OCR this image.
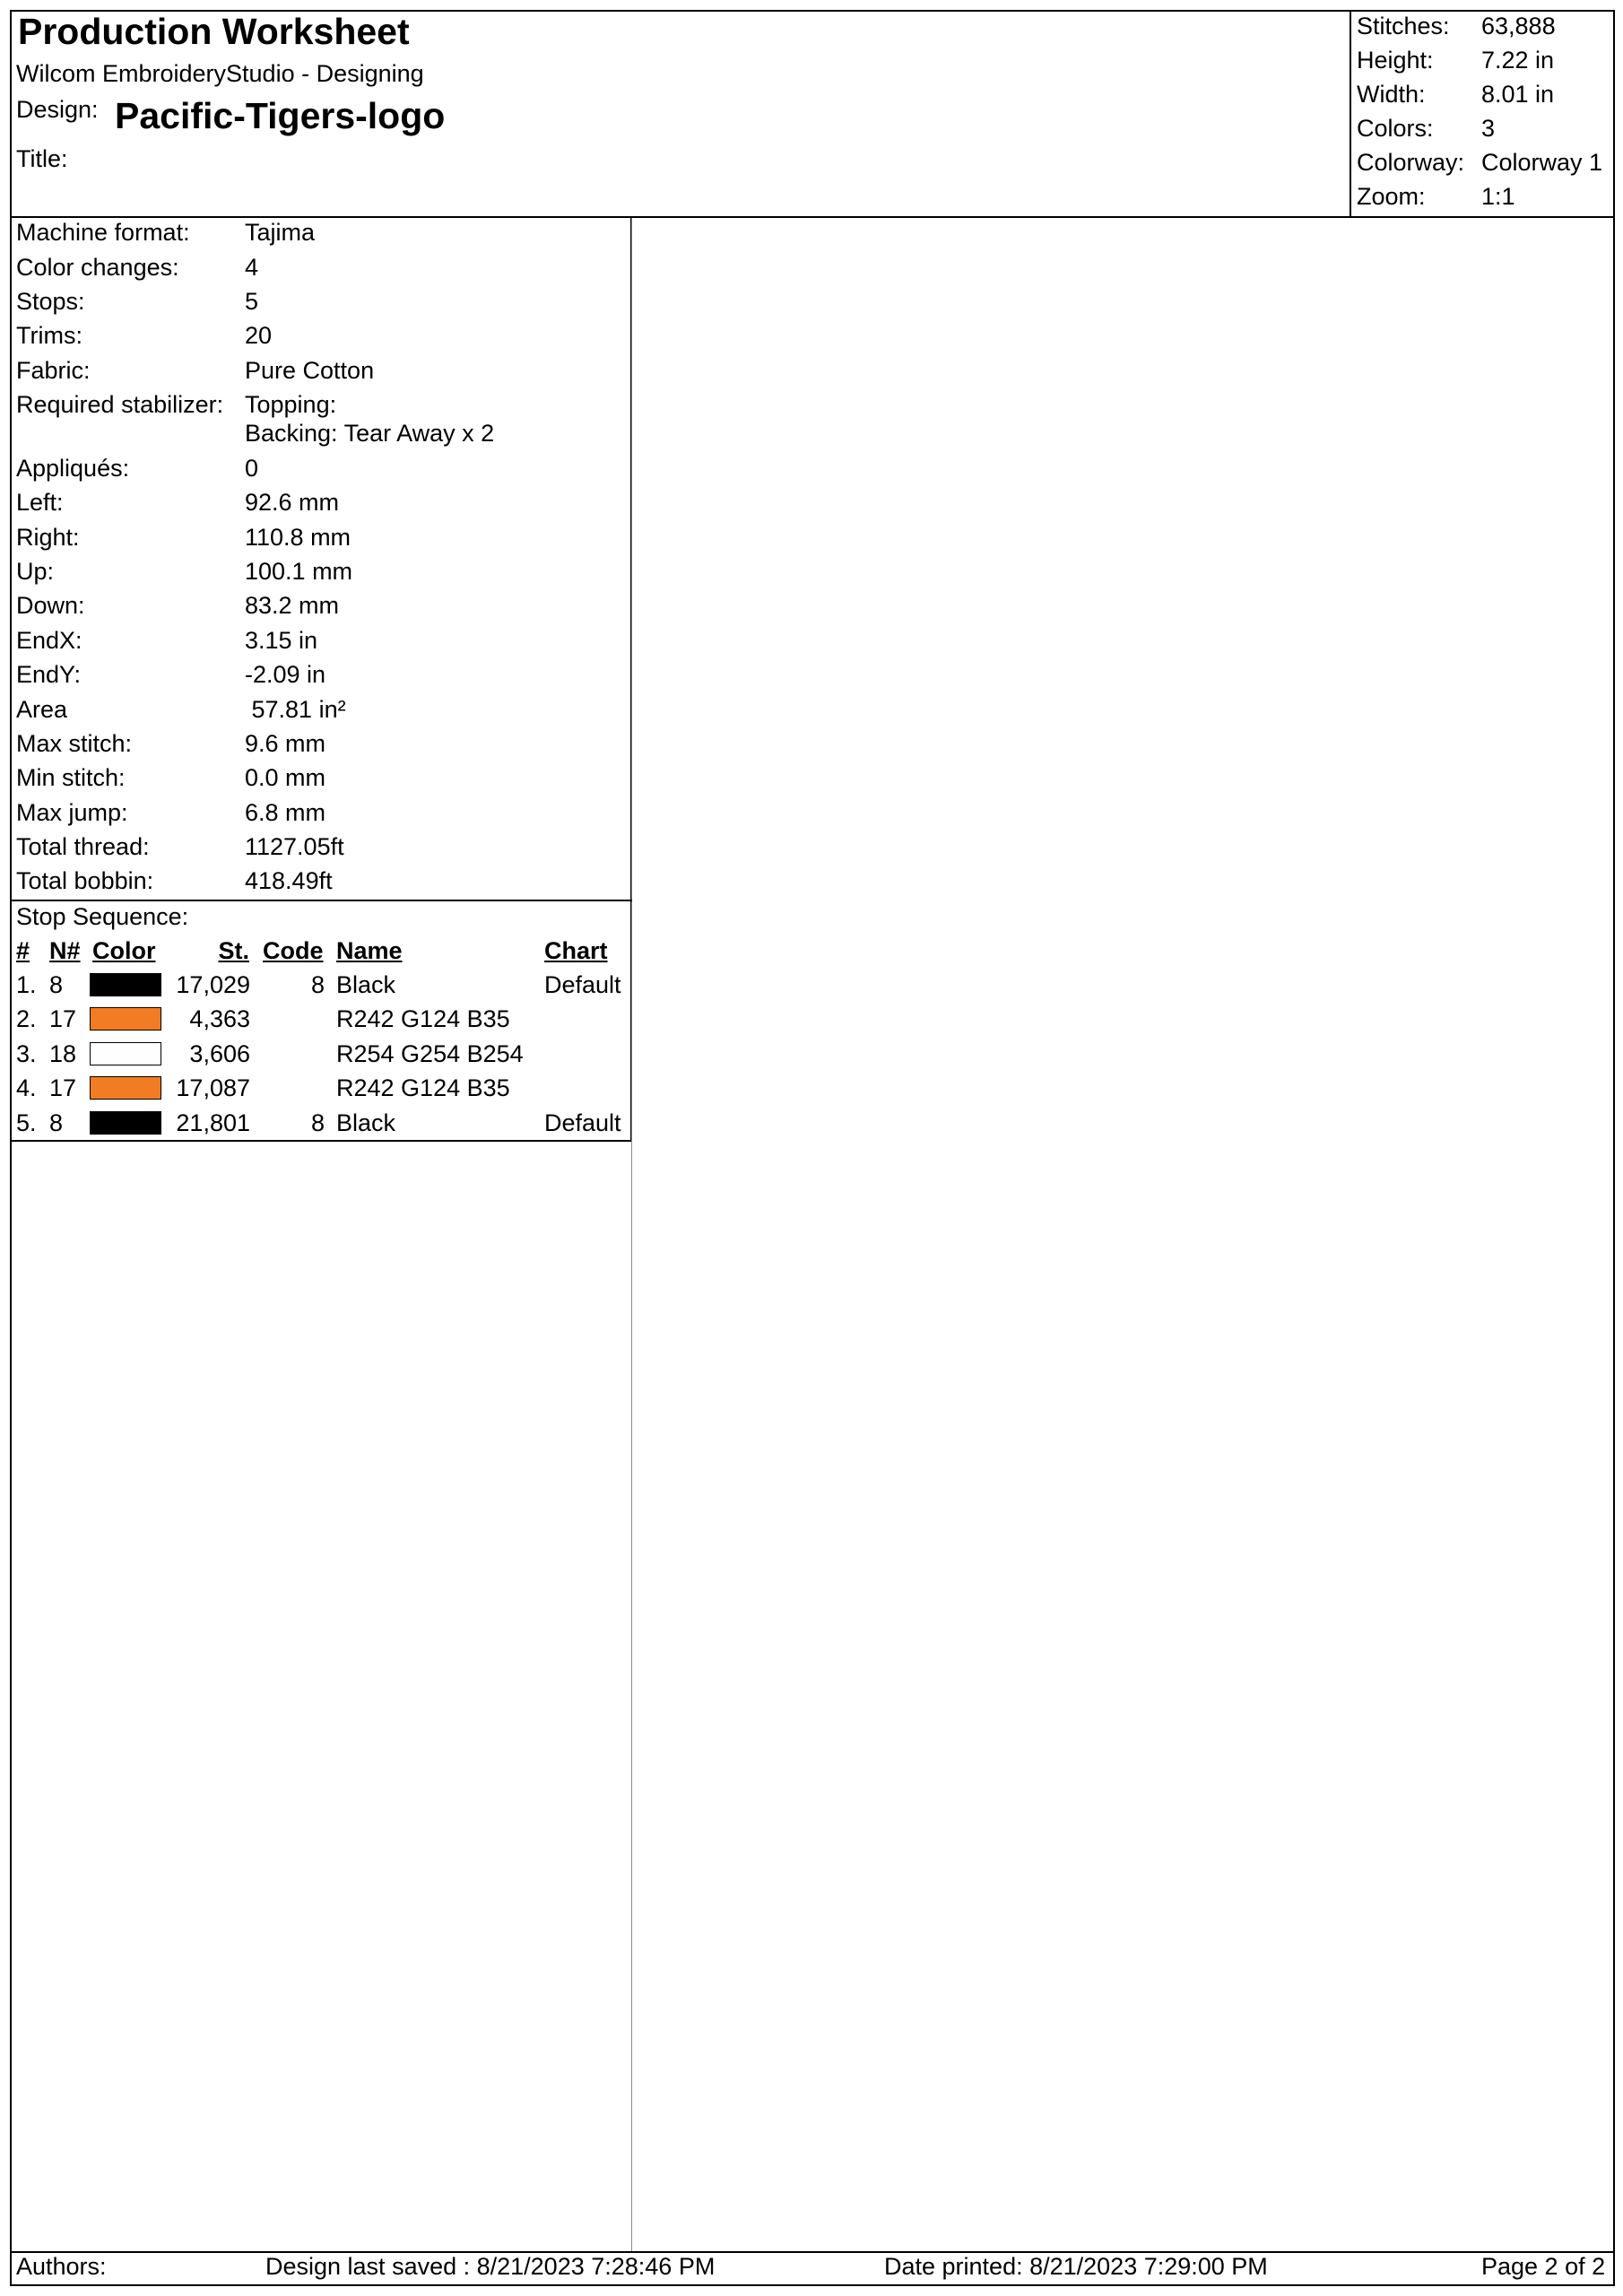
Production Worksheet
Wilcom EmbroideryStudio - Designing
Design: Pacific-Tigers-logo
Title:
Stitches: 63,888
Height: 7.22 in
Width: 8.01 in
Colors: 3
Colorway: Colorway 1
Zoom: 1:1
Machine format: Tajima
Color changes:	4
Stops:	5
Trims:	20
Fabric:	Pure Cotton
Required stabilizer: Topping:
Backing: Tear Away x 2
Appliqués:	0
Left:	92.6 mm
Right:	110.8 mm
Up:	100.1 mm
Down:	83.2 mm
EndX:	3.15 in
EndY:	-2.09 in
Area	57.81 in²
Max stitch:	9.6 mm
Min stitch:	0.0 mm
Max jump:	6.8 mm
Total thread:	1127.05ft
Total bobbin:	418.49ft
Stop Sequence:
# N# Color	St. Code Name	Chart
1. 8	17,029	8 Black	Default
2. 17	4,363	R242 G124 B35
3. 18	3,606	R254 G254 B254
4. 17	17,087	R242 G124 B35
5. 8	21,801	8 Black	Default
Authors:	Design last saved : 8/21/2023 7:28:46 PM	Date printed: 8/21/2023 7:29:00 PM	Page 2 of 2
